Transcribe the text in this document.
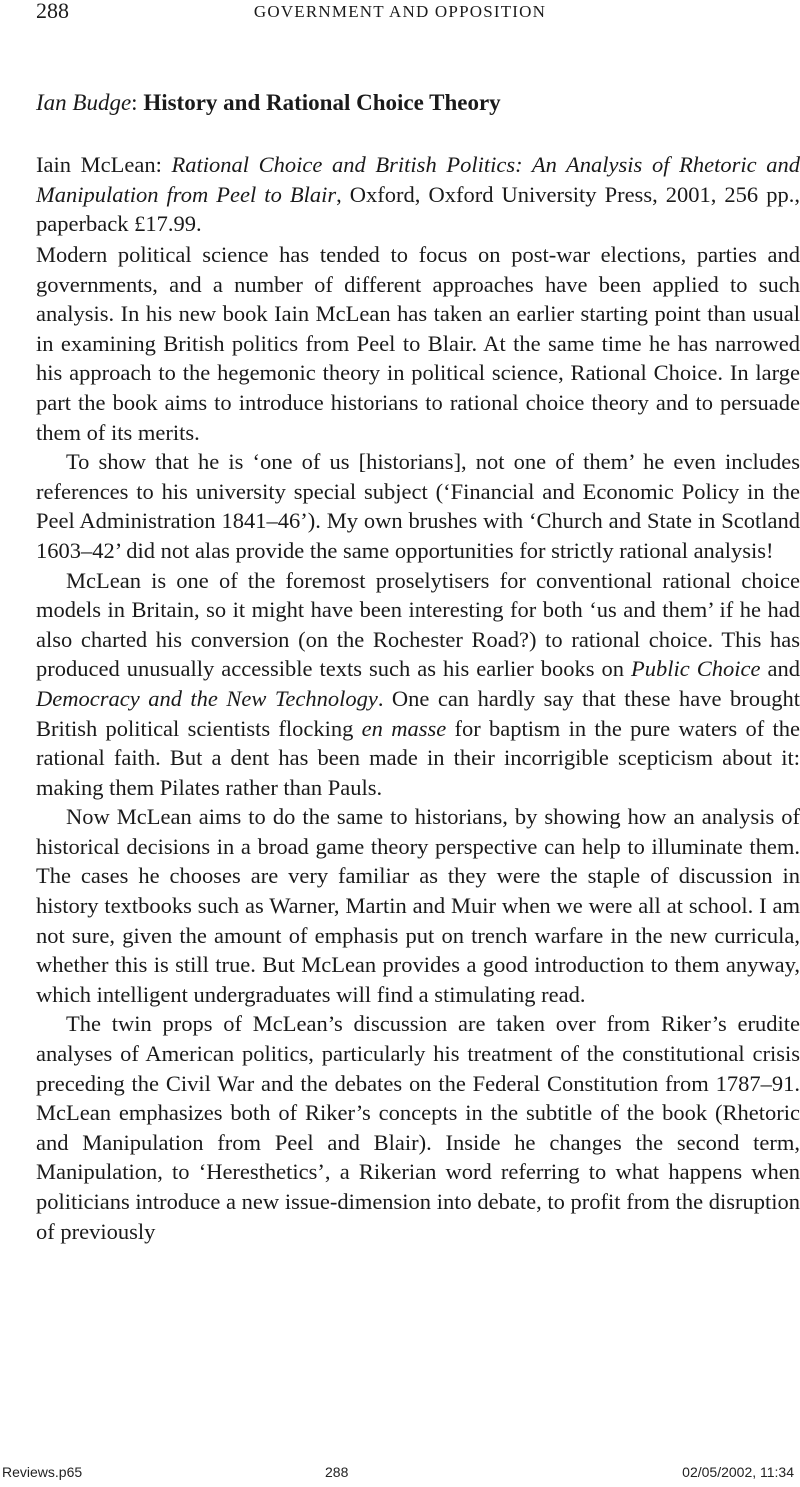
288	GOVERNMENT AND OPPOSITION
Ian Budge: History and Rational Choice Theory
Iain McLean: Rational Choice and British Politics: An Analysis of Rhetoric and Manipulation from Peel to Blair, Oxford, Oxford University Press, 2001, 256 pp., paperback £17.99.

Modern political science has tended to focus on post-war elections, parties and governments, and a number of different approaches have been applied to such analysis. In his new book Iain McLean has taken an earlier starting point than usual in examining British politics from Peel to Blair. At the same time he has narrowed his approach to the hegemonic theory in political science, Rational Choice. In large part the book aims to introduce historians to rational choice theory and to persuade them of its merits.

To show that he is ‘one of us [historians], not one of them’ he even includes references to his university special subject (‘Financial and Economic Policy in the Peel Administration 1841–46’). My own brushes with ‘Church and State in Scotland 1603–42’ did not alas provide the same opportunities for strictly rational analysis!

McLean is one of the foremost proselytisers for conventional rational choice models in Britain, so it might have been interesting for both ‘us and them’ if he had also charted his conversion (on the Rochester Road?) to rational choice. This has produced unusually accessible texts such as his earlier books on Public Choice and Democracy and the New Technology. One can hardly say that these have brought British political scientists flocking en masse for baptism in the pure waters of the rational faith. But a dent has been made in their incorrigible scepticism about it: making them Pilates rather than Pauls.

Now McLean aims to do the same to historians, by showing how an analysis of historical decisions in a broad game theory perspective can help to illuminate them. The cases he chooses are very familiar as they were the staple of discussion in history textbooks such as Warner, Martin and Muir when we were all at school. I am not sure, given the amount of emphasis put on trench warfare in the new curricula, whether this is still true. But McLean provides a good introduction to them anyway, which intelligent undergraduates will find a stimulating read.

The twin props of McLean’s discussion are taken over from Riker’s erudite analyses of American politics, particularly his treatment of the constitutional crisis preceding the Civil War and the debates on the Federal Constitution from 1787–91. McLean emphasizes both of Riker’s concepts in the subtitle of the book (Rhetoric and Manipulation from Peel and Blair). Inside he changes the second term, Manipulation, to ‘Heresthetics’, a Rikerian word referring to what happens when politicians introduce a new issue-dimension into debate, to profit from the disruption of previously

Reviews.p65	288	02/05/2002, 11:34
